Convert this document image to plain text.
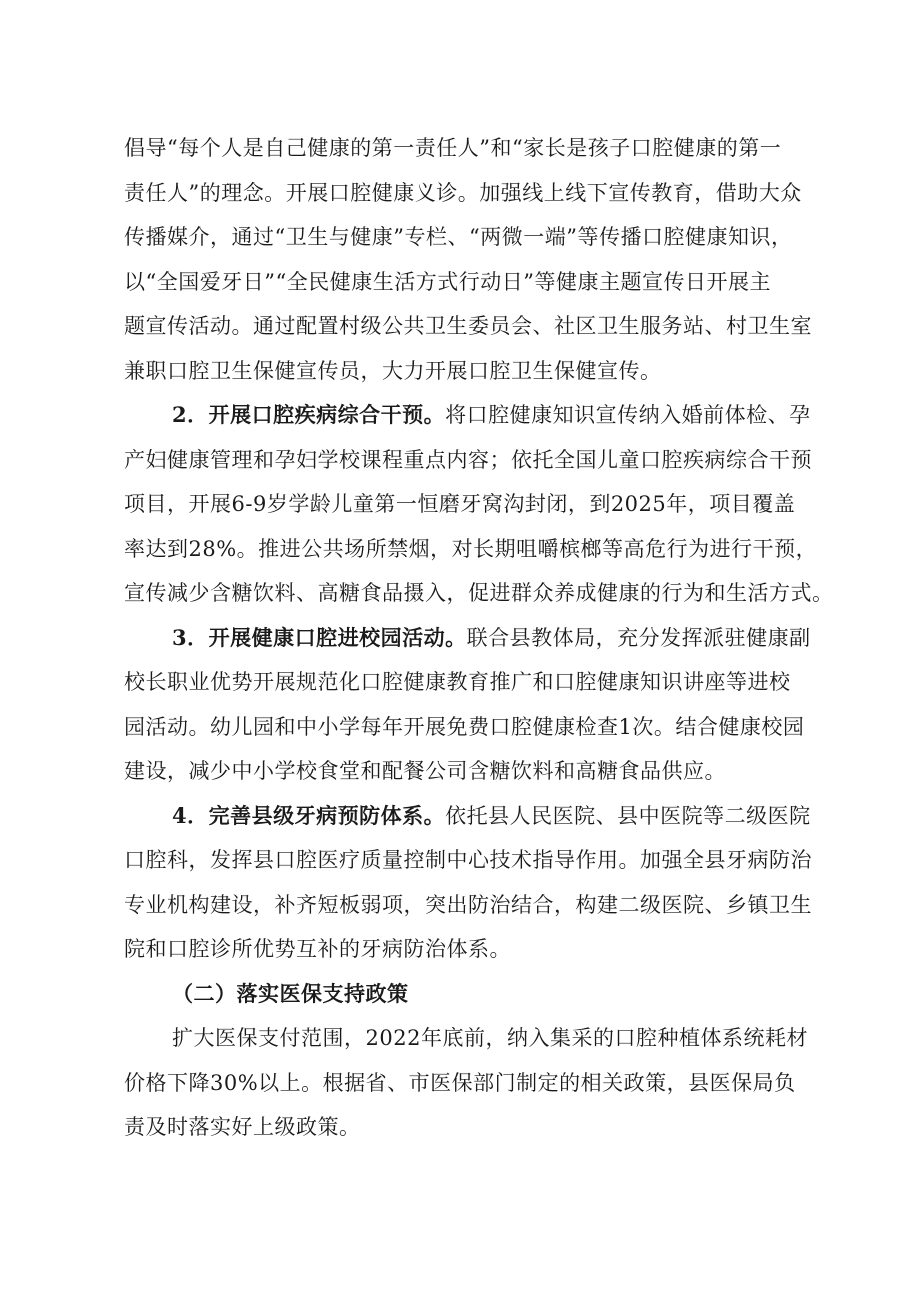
倡导“每个人是自己健康的第一责任人”和“家长是孩子口腔健康的第一
责任人”的理念。开展口腔健康义诊。加强线上线下宣传教育，借助大众
传播媒介，通过“卫生与健康”专栏、“两微一端”等传播口腔健康知识，
以“全国爱牙日”“全民健康生活方式行动日”等健康主题宣传日开展主
题宣传活动。通过配置村级公共卫生委员会、社区卫生服务站、村卫生室
兼职口腔卫生保健宣传员，大力开展口腔卫生保健宣传。
2．开展口腔疾病综合干预。将口腔健康知识宣传纳入婚前体检、孕
产妇健康管理和孕妇学校课程重点内容；依托全国儿童口腔疾病综合干预
项目，开展6-9岁学龄儿童第一恒磨牙窝沟封闭，到2025年，项目覆盖
率达到28%。推进公共场所禁烟，对长期咀嚼槟榔等高危行为进行干预，
宣传减少含糖饮料、高糖食品摄入，促进群众养成健康的行为和生活方式。
3．开展健康口腔进校园活动。联合县教体局，充分发挥派驻健康副
校长职业优势开展规范化口腔健康教育推广和口腔健康知识讲座等进校
园活动。幼儿园和中小学每年开展免费口腔健康检查1次。结合健康校园
建设，减少中小学校食堂和配餐公司含糖饮料和高糖食品供应。
4．完善县级牙病预防体系。依托县人民医院、县中医院等二级医院
口腔科，发挥县口腔医疗质量控制中心技术指导作用。加强全县牙病防治
专业机构建设，补齐短板弱项，突出防治结合，构建二级医院、乡镇卫生
院和口腔诊所优势互补的牙病防治体系。
（二）落实医保支持政策
扩大医保支付范围，2022年底前，纳入集采的口腔种植体系统耗材
价格下降30%以上。根据省、市医保部门制定的相关政策，县医保局负
责及时落实好上级政策。
